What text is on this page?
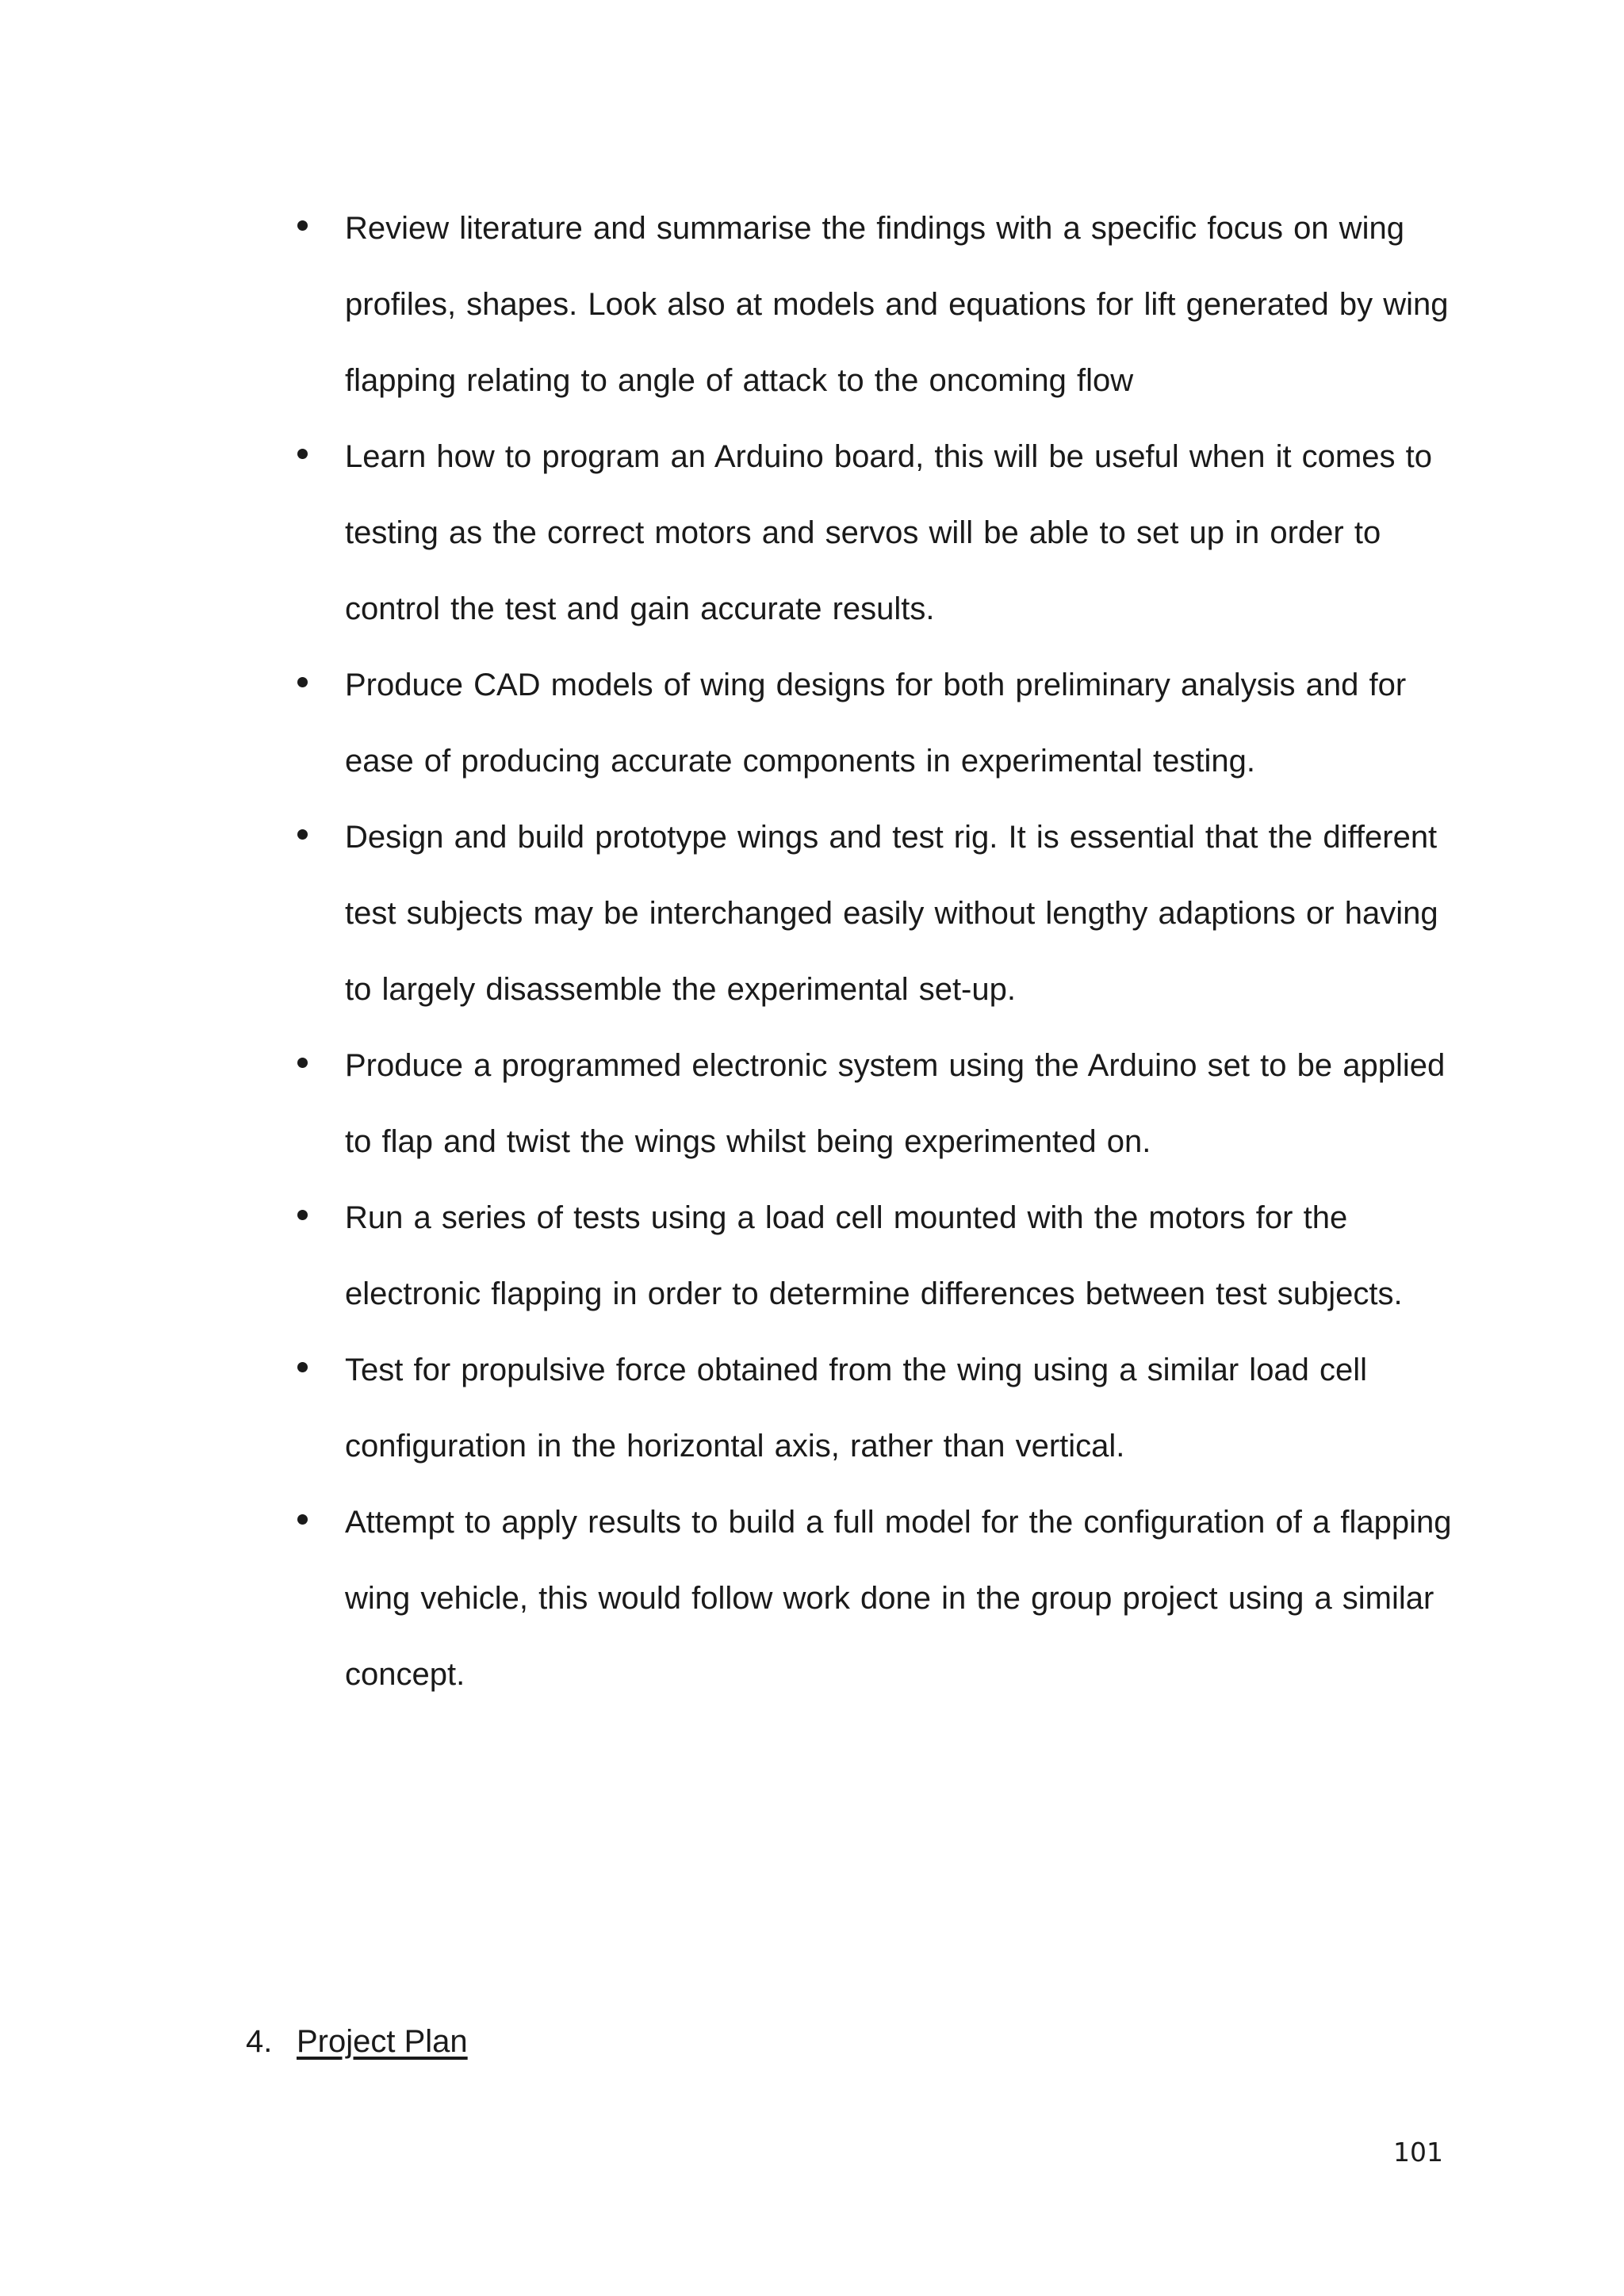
Review literature and summarise the findings with a specific focus on wing profiles, shapes. Look also at models and equations for lift generated by wing flapping relating to angle of attack to the oncoming flow
Learn how to program an Arduino board, this will be useful when it comes to testing as the correct motors and servos will be able to set up in order to control the test and gain accurate results.
Produce CAD models of wing designs for both preliminary analysis and for ease of producing accurate components in experimental testing.
Design and build prototype wings and test rig. It is essential that the different test subjects may be interchanged easily without lengthy adaptions or having to largely disassemble the experimental set-up.
Produce a programmed electronic system using the Arduino set to be applied to flap and twist the wings whilst being experimented on.
Run a series of tests using a load cell mounted with the motors for the electronic flapping in order to determine differences between test subjects.
Test for propulsive force obtained from the wing using a similar load cell configuration in the horizontal axis, rather than vertical.
Attempt to apply results to build a full model for the configuration of a flapping wing vehicle, this would follow work done in the group project using a similar concept.
4. Project Plan
101
